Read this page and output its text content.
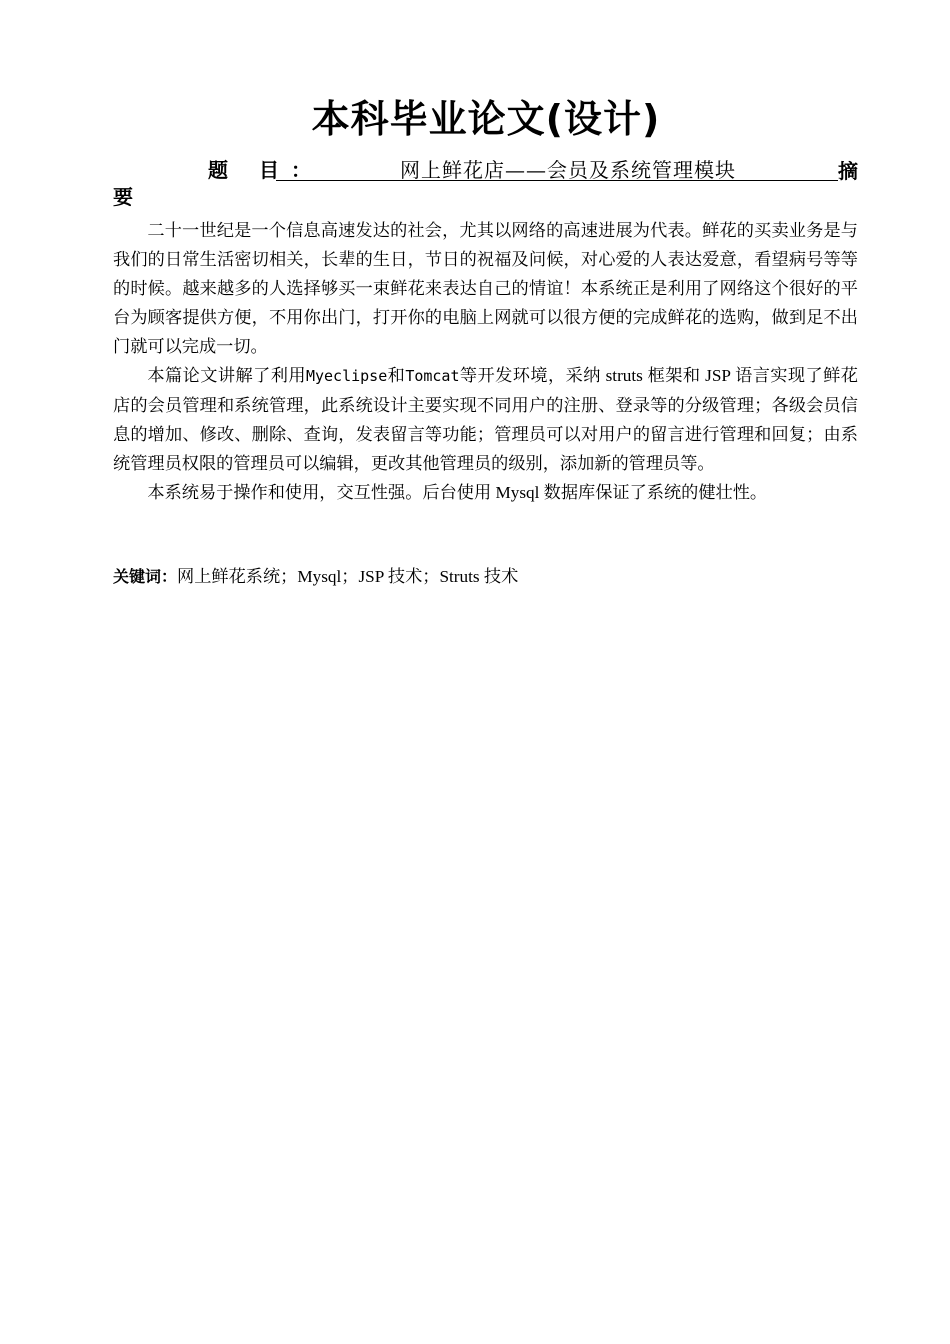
本科毕业论文(设计)
题 目：	网上鲜花店——会员及系统管理模块	摘
要

二十一世纪是一个信息高速发达的社会，尤其以网络的高速进展为代表。鲜花的买卖业务是与我们的日常生活密切相关，长辈的生日，节日的祝福及问候，对心爱的人表达爱意，看望病号等等的时候。越来越多的人选择够买一束鲜花来表达自己的情谊！本系统正是利用了网络这个很好的平台为顾客提供方便，不用你出门，打开你的电脑上网就可以很方便的完成鲜花的选购，做到足不出门就可以完成一切。

本篇论文讲解了利用Myeclipse和Tomcat等开发环境，采纳 struts 框架和 JSP 语言实现了鲜花店的会员管理和系统管理，此系统设计主要实现不同用户的注册、登录等的分级管理；各级会员信息的增加、修改、删除、查询，发表留言等功能；管理员可以对用户的留言进行管理和回复；由系统管理员权限的管理员可以编辑，更改其他管理员的级别，添加新的管理员等。

本系统易于操作和使用，交互性强。后台使用 Mysql 数据库保证了系统的健壮性。

关键词：网上鲜花系统；Mysql；JSP 技术；Struts 技术
